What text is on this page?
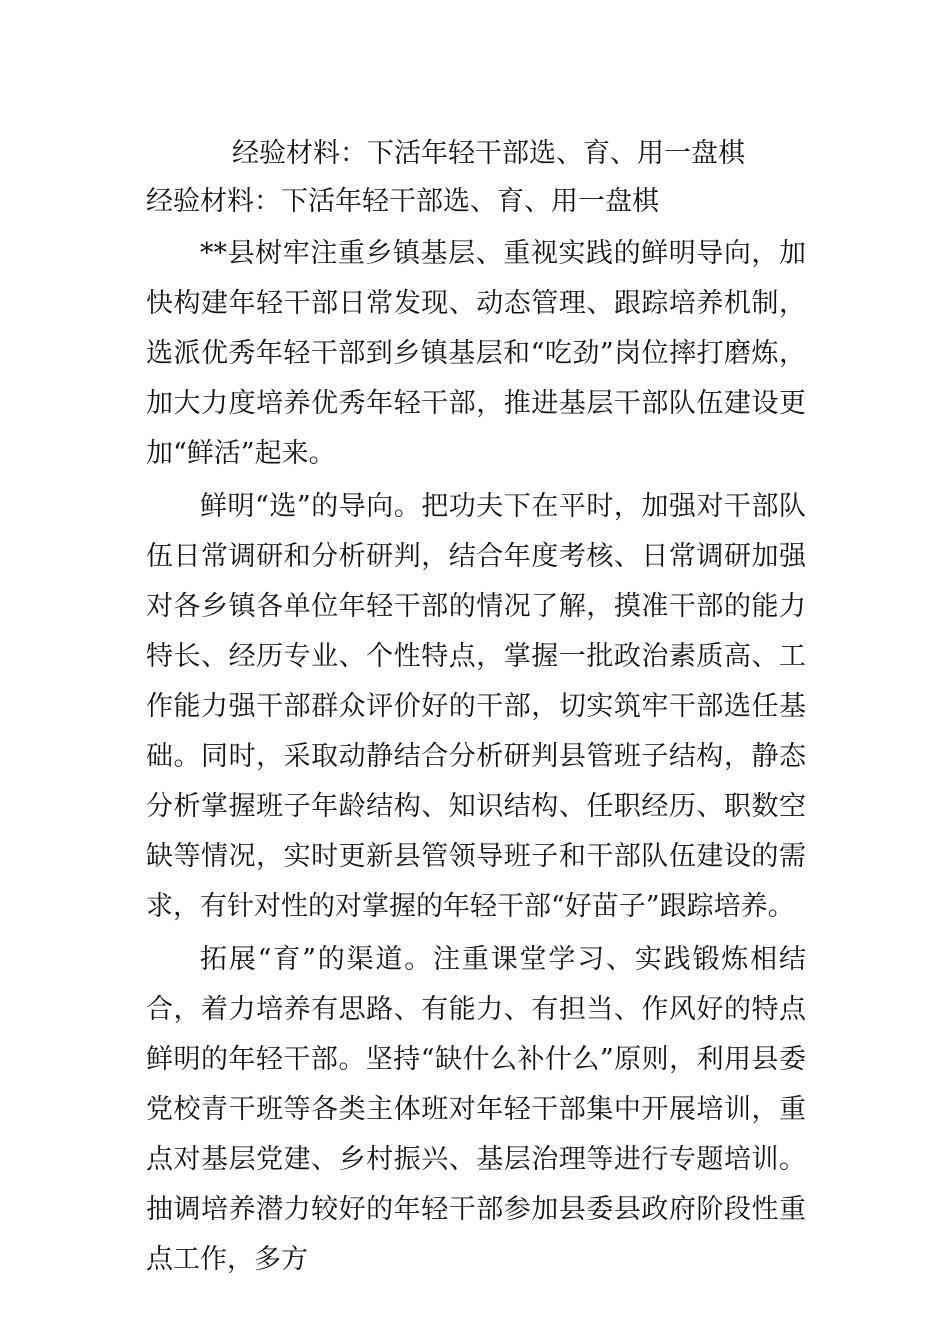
经验材料：下活年轻干部选、育、用一盘棋
经验材料：下活年轻干部选、育、用一盘棋

**县树牢注重乡镇基层、重视实践的鲜明导向，加快构建年轻干部日常发现、动态管理、跟踪培养机制，选派优秀年轻干部到乡镇基层和“吃劲”岗位摔打磨炼，加大力度培养优秀年轻干部，推进基层干部队伍建设更加“鲜活”起来。

鲜明“选”的导向。把功夫下在平时，加强对干部队伍日常调研和分析研判，结合年度考核、日常调研加强对各乡镇各单位年轻干部的情况了解，摸准干部的能力特长、经历专业、个性特点，掌握一批政治素质高、工作能力强干部群众评价好的干部，切实筑牢干部选任基础。同时，采取动静结合分析研判县管班子结构，静态分析掌握班子年龄结构、知识结构、任职经历、职数空缺等情况，实时更新县管领导班子和干部队伍建设的需求，有针对性的对掌握的年轻干部“好苗子”跟踪培养。

拓展“育”的渠道。注重课堂学习、实践锻炼相结合，着力培养有思路、有能力、有担当、作风好的特点鲜明的年轻干部。坚持“缺什么补什么”原则，利用县委党校青干班等各类主体班对年轻干部集中开展培训，重点对基层党建、乡村振兴、基层治理等进行专题培训。抽调培养潜力较好的年轻干部参加县委县政府阶段性重点工作，多方
